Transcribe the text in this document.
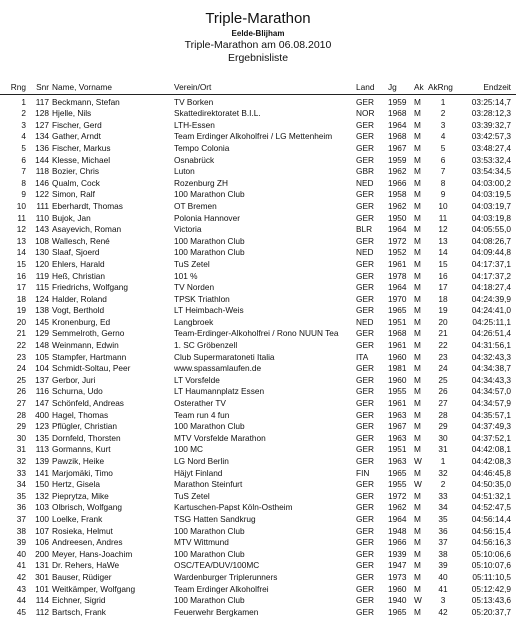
Triple-Marathon
Eelde-Blijham
Triple-Marathon am 06.08.2010
Ergebnisliste
Rng	Snr Name, Vorname	Verein/Ort	Land	Jg	Ak AkRng	Endzeit
1	117 Beckmann, Stefan	TV Borken	GER	1959 M	1	03:25:14,7
2	128 Hjelle, Nils	Skattedirektoratet B.I.L.	NOR	1968 M	2	03:28:12,3
3	127 Fischer, Gerd	LTH-Essen	GER	1964 M	3	03:39:32,7
4	134 Gather, Arndt	Team Erdinger Alkoholfrei / LG Mettenheim	GER	1968 M	4	03:42:57,3
5	136 Fischer, Markus	Tempo Colonia	GER	1967 M	5	03:48:27,4
6	144 Klesse, Michael	Osnabrück	GER	1959 M	6	03:53:32,4
7	118 Bozier, Chris	Luton	GBR	1962 M	7	03:54:34,5
8	146 Qualm, Cock	Rozenburg ZH	NED	1966 M	8	04:03:00,2
9	122 Simon, Ralf	100 Marathon Club	GER	1958 M	9	04:03:19,5
10	111 Eberhardt, Thomas	OT Bremen	GER	1962 M	10	04:03:19,7
11	110 Bujok, Jan	Polonia Hannover	GER	1950 M	11	04:03:19,8
12	143 Asayevich, Roman	Victoria	BLR	1964 M	12	04:05:55,0
13	108 Wallesch, René	100 Marathon Club	GER	1972 M	13	04:08:26,7
14	130 Slaaf, Sjoerd	100 Marathon Club	NED	1952 M	14	04:09:44,8
15	120 Ehlers, Harald	TuS Zetel	GER	1961 M	15	04:17:37,1
16	119 Heß, Christian	101 %	GER	1978 M	16	04:17:37,2
17	115 Friedrichs, Wolfgang	TV Norden	GER	1964 M	17	04:18:27,4
18	124 Halder, Roland	TPSK Triathlon	GER	1970 M	18	04:24:39,9
19	138 Vogt, Berthold	LT Heimbach-Weis	GER	1965 M	19	04:24:41,0
20	145 Kronenburg, Ed	Langbroek	NED	1951 M	20	04:25:11,1
21	129 Semmelroth, Gerno	Team-Erdinger-Alkoholfrei / Rono NUUN Tea	GER	1968 M	21	04:26:51,4
22	148 Weinmann, Edwin	1. SC Gröbenzell	GER	1961 M	22	04:31:56,1
23	105 Stampfer, Hartmann	Club Supermaratoneti Italia	ITA	1960 M	23	04:32:43,3
24	104 Schmidt-Soltau, Peer	www.spassamlaufen.de	GER	1981 M	24	04:34:38,7
25	137 Gerbor, Juri	LT Vorsfelde	GER	1960 M	25	04:34:43,3
26	116 Schurna, Udo	LT Haumannplatz Essen	GER	1955 M	26	04:34:57,0
27	147 Schönfeld, Andreas	Osterather TV	GER	1961 M	27	04:34:57,9
28	400 Hagel, Thomas	Team run 4 fun	GER	1963 M	28	04:35:57,1
29	123 Pflügler, Christian	100 Marathon Club	GER	1967 M	29	04:37:49,3
30	135 Dornfeld, Thorsten	MTV Vorsfelde Marathon	GER	1963 M	30	04:37:52,1
31	113 Gormanns, Kurt	100 MC	GER	1951 M	31	04:42:08,1
32	139 Pawzik, Heike	LG Nord Berlin	GER	1963 W	1	04:42:08,3
33	141 Marjomäki, Timo	Häjyt Finland	FIN	1965 M	32	04:46:45,8
34	150 Hertz, Gisela	Marathon Steinfurt	GER	1955 W	2	04:50:35,0
35	132 Pieprytza, Mike	TuS Zetel	GER	1972 M	33	04:51:32,1
36	103 Olbrisch, Wolfgang	Kartuschen-Papst Köln-Ostheim	GER	1962 M	34	04:52:47,5
37	100 Loelke, Frank	TSG Hatten Sandkrug	GER	1964 M	35	04:56:14,4
38	107 Rosieka, Helmut	100 Marathon Club	GER	1948 M	36	04:56:15,4
39	106 Andreesen, Andres	MTV Wittmund	GER	1966 M	37	04:56:16,3
40	200 Meyer, Hans-Joachim	100 Marathon Club	GER	1939 M	38	05:10:06,6
41	131 Dr. Rehers, HaWe	OSC/TEA/DUV/100MC	GER	1947 M	39	05:10:07,6
42	301 Bauser, Rüdiger	Wardenburger Triplerunners	GER	1973 M	40	05:11:10,5
43	101 Weitkämper, Wolfgang	Team Erdinger Alkoholfrei	GER	1960 M	41	05:12:42,9
44	114 Eichner, Sigrid	100 Marathon Club	GER	1940 W	3	05:13:43,6
45	112 Bartsch, Frank	Feuerwehr Bergkamen	GER	1965 M	42	05:20:37,7
